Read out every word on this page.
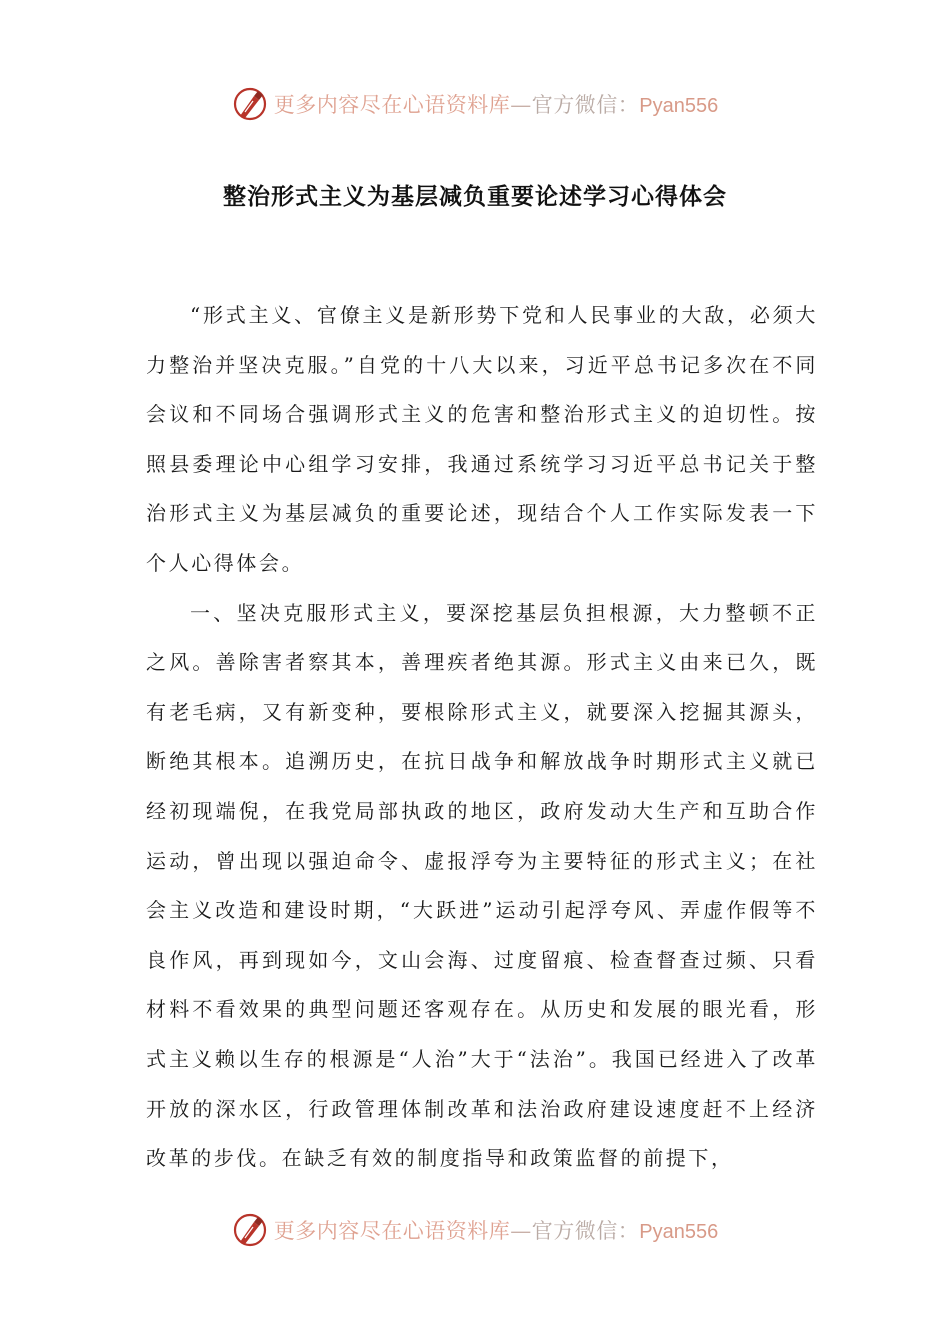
更多内容尽在心语资料库—官方微信：Pyan556
整治形式主义为基层减负重要论述学习心得体会

“形式主义、官僚主义是新形势下党和人民事业的大敌，必须大力整治并坚决克服。”自党的十八大以来，习近平总书记多次在不同会议和不同场合强调形式主义的危害和整治形式主义的迫切性。按照县委理论中心组学习安排，我通过系统学习习近平总书记关于整治形式主义为基层减负的重要论述，现结合个人工作实际发表一下个人心得体会。

一、坚决克服形式主义，要深挖基层负担根源，大力整顿不正之风。善除害者察其本，善理疾者绝其源。形式主义由来已久，既有老毛病，又有新变种，要根除形式主义，就要深入挖掘其源头，断绝其根本。追溯历史，在抗日战争和解放战争时期形式主义就已经初现端倪，在我党局部执政的地区，政府发动大生产和互助合作运动，曾出现以强迫命令、虚报浮夸为主要特征的形式主义；在社会主义改造和建设时期，“大跃进”运动引起浮夸风、弄虚作假等不良作风，再到现如今，文山会海、过度留痕、检查督查过频、只看材料不看效果的典型问题还客观存在。从历史和发展的眼光看，形式主义赖以生存的根源是“人治”大于“法治”。我国已经进入了改革开放的深水区，行政管理体制改革和法治政府建设速度赶不上经济改革的步伐。在缺乏有效的制度指导和政策监督的前提下，

更多内容尽在心语资料库—官方微信：Pyan556
